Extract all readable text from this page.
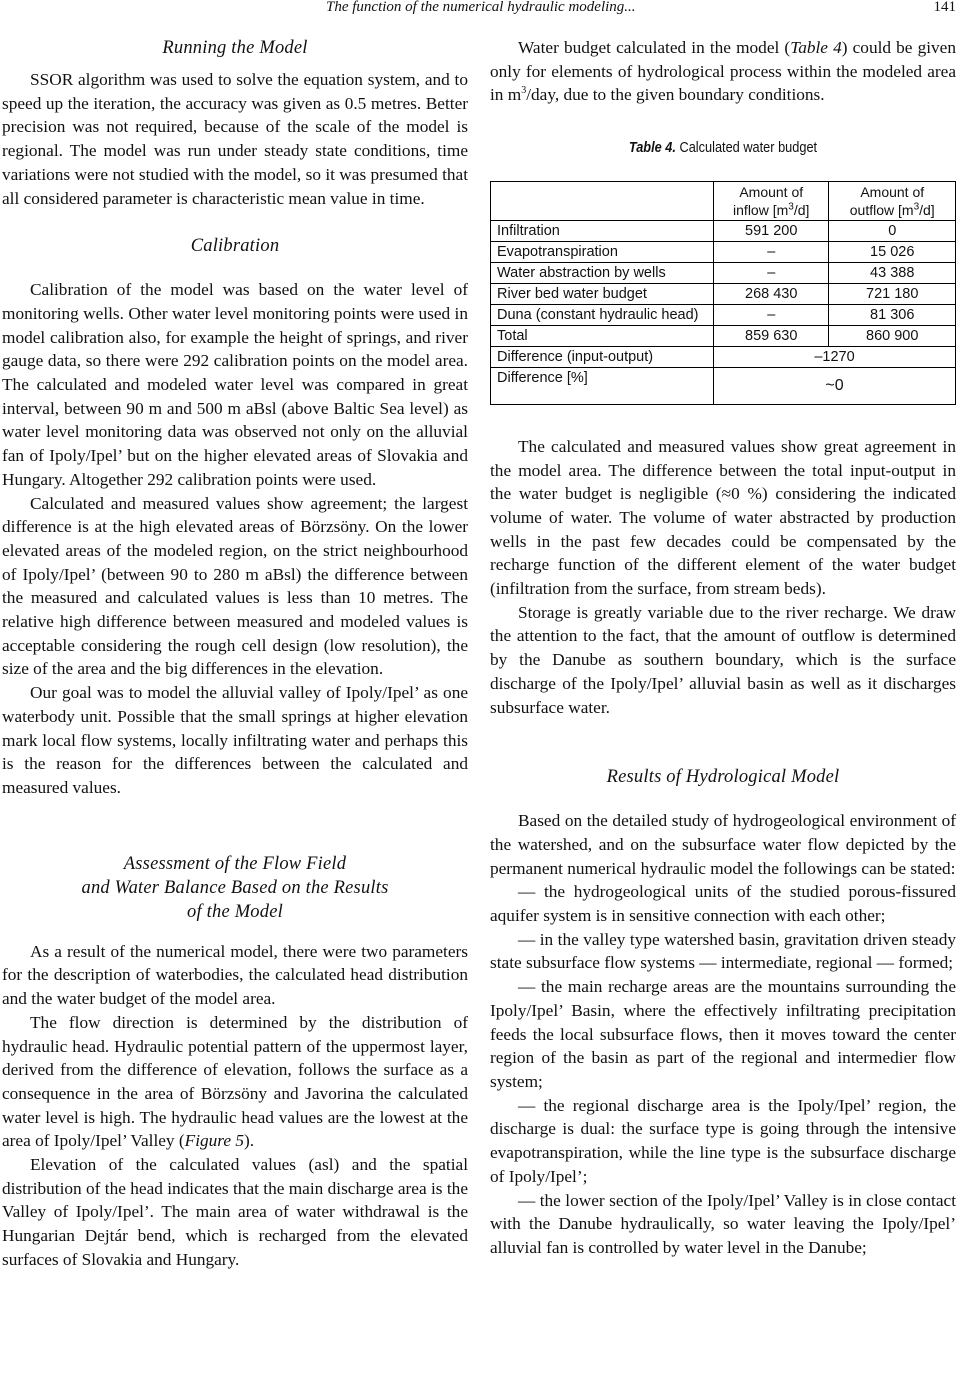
The function of the numerical hydraulic modeling...	141
Running the Model

SSOR algorithm was used to solve the equation system, and to speed up the iteration, the accuracy was given as 0.5 metres. Better precision was not required, because of the scale of the model is regional. The model was run under steady state conditions, time variations were not studied with the model, so it was presumed that all considered parameter is characteristic mean value in time.

Calibration

Calibration of the model was based on the water level of monitoring wells. Other water level monitoring points were used in model calibration also, for example the height of springs, and river gauge data, so there were 292 calibration points on the model area. The calculated and modeled water level was compared in great interval, between 90 m and 500 m aBsl (above Baltic Sea level) as water level monitoring data was observed not only on the alluvial fan of Ipoly/Ipel’ but on the higher elevated areas of Slovakia and Hungary. Altogether 292 calibration points were used.

Calculated and measured values show agreement; the largest difference is at the high elevated areas of Börzsöny. On the lower elevated areas of the modeled region, on the strict neighbourhood of Ipoly/Ipel’ (between 90 to 280 m aBsl) the difference between the measured and calculated values is less than 10 metres. The relative high difference between measured and modeled values is acceptable considering the rough cell design (low resolution), the size of the area and the big differences in the elevation.

Our goal was to model the alluvial valley of Ipoly/Ipel’ as one waterbody unit. Possible that the small springs at higher elevation mark local flow systems, locally infiltrating water and perhaps this is the reason for the differences between the calculated and measured values.

Assessment of the Flow Field
and Water Balance Based on the Results
of the Model

As a result of the numerical model, there were two parameters for the description of waterbodies, the calculated head distribution and the water budget of the model area.

The flow direction is determined by the distribution of hydraulic head. Hydraulic potential pattern of the uppermost layer, derived from the difference of elevation, follows the surface as a consequence in the area of Börzsöny and Javorina the calculated water level is high. The hydraulic head values are the lowest at the area of Ipoly/Ipel’ Valley (Figure 5).

Elevation of the calculated values (asl) and the spatial distribution of the head indicates that the main discharge area is the Valley of Ipoly/Ipel’. The main area of water withdrawal is the Hungarian Dejtár bend, which is recharged from the elevated surfaces of Slovakia and Hungary.

Water budget calculated in the model (Table 4) could be given only for elements of hydrological process within the modeled area in $m^3$/day, due to the given boundary conditions.

Table 4. Calculated water budget
	Amount of
inflow $[m^3/d]$	Amount of
outflow $[m^3/d]$
Infiltration	591 200	0
Evapotranspiration	–	15 026
Water abstraction by wells	–	43 388
River bed water budget	268 430	721 180
Duna (constant hydraulic head)	–	81 306
Total	859 630	860 900
Difference (input-output)	–1270	
Difference [%]	~0	

The calculated and measured values show great agreement in the model area. The difference between the total input-output in the water budget is negligible (≈0 %) considering the indicated volume of water. The volume of water abstracted by production wells in the past few decades could be compensated by the recharge function of the different element of the water budget (infiltration from the surface, from stream beds).

Storage is greatly variable due to the river recharge. We draw the attention to the fact, that the amount of outflow is determined by the Danube as southern boundary, which is the surface discharge of the Ipoly/Ipel’ alluvial basin as well as it discharges subsurface water.

Results of Hydrological Model

Based on the detailed study of hydrogeological environment of the watershed, and on the subsurface water flow depicted by the permanent numerical hydraulic model the followings can be stated:

— the hydrogeological units of the studied porous-fissured aquifer system is in sensitive connection with each other;

— in the valley type watershed basin, gravitation driven steady state subsurface flow systems — intermediate, regional — formed;

— the main recharge areas are the mountains surrounding the Ipoly/Ipel’ Basin, where the effectively infiltrating precipitation feeds the local subsurface flows, then it moves toward the center region of the basin as part of the regional and intermedier flow system;

— the regional discharge area is the Ipoly/Ipel’ region, the discharge is dual: the surface type is going through the intensive evapotranspiration, while the line type is the subsurface discharge of Ipoly/Ipel’;

— the lower section of the Ipoly/Ipel’ Valley is in close contact with the Danube hydraulically, so water leaving the Ipoly/Ipel’ alluvial fan is controlled by water level in the Danube;
